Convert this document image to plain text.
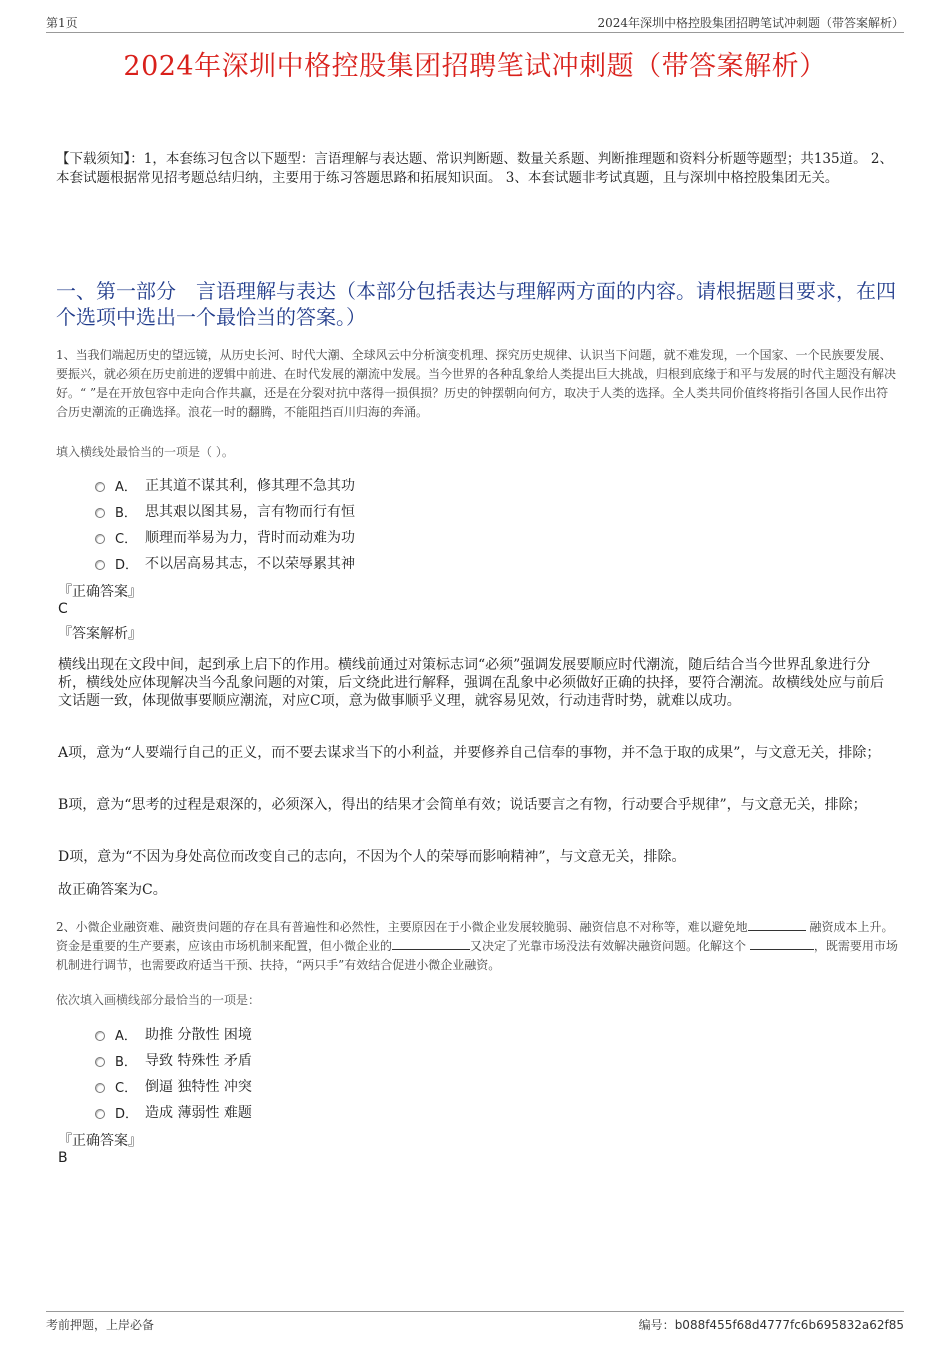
第1页	2024年深圳中格控股集团招聘笔试冲刺题（带答案解析）
2024年深圳中格控股集团招聘笔试冲刺题（带答案解析）
【下载须知】：1，本套练习包含以下题型：言语理解与表达题、常识判断题、数量关系题、判断推理题和资料分析题等题型；共135道。 2、本套试题根据常见招考题总结归纳，主要用于练习答题思路和拓展知识面。 3、本套试题非考试真题，且与深圳中格控股集团无关。
一、第一部分　言语理解与表达（本部分包括表达与理解两方面的内容。请根据题目要求，在四个选项中选出一个最恰当的答案。）
1、当我们端起历史的望远镜，从历史长河、时代大潮、全球风云中分析演变机理、探究历史规律、认识当下问题，就不难发现，一个国家、一个民族要发展、要振兴，就必须在历史前进的逻辑中前进、在时代发展的潮流中发展。当今世界的各种乱象给人类提出巨大挑战，归根到底缘于和平与发展的时代主题没有解决好。“ ”是在开放包容中走向合作共赢，还是在分裂对抗中落得一损俱损？历史的钟摆朝向何方，取决于人类的选择。全人类共同价值终将指引各国人民作出符合历史潮流的正确选择。浪花一时的翻腾，不能阻挡百川归海的奔涌。
填入横线处最恰当的一项是（ ）。
A． 正其道不谋其利，修其理不急其功
B． 思其艰以图其易，言有物而行有恒
C． 顺理而举易为力，背时而动难为功
D． 不以居高易其志，不以荣辱累其神
『正确答案』
C
『答案解析』
横线出现在文段中间，起到承上启下的作用。横线前通过对策标志词“必须”强调发展要顺应时代潮流，随后结合当今世界乱象进行分析，横线处应体现解决当今乱象问题的对策，后文绕此进行解释，强调在乱象中必须做好正确的抉择，要符合潮流。故横线处应与前后文话题一致，体现做事要顺应潮流，对应C项，意为做事顺乎义理，就容易见效，行动违背时势，就难以成功。
A项，意为“人要端行自己的正义，而不要去谋求当下的小利益，并要修养自己信奉的事物，并不急于取的成果”，与文意无关，排除；
B项，意为“思考的过程是艰深的，必须深入，得出的结果才会简单有效；说话要言之有物，行动要合乎规律”，与文意无关，排除；
D项，意为“不因为身处高位而改变自己的志向，不因为个人的荣辱而影响精神”，与文意无关，排除。
故正确答案为C。
2、小微企业融资难、融资贵问题的存在具有普遍性和必然性，主要原因在于小微企业发展较脆弱、融资信息不对称等，难以避免地	融资成本上升。资金是重要的生产要素，应该由市场机制来配置，但小微企业的	又决定了光靠市场没法有效解决融资问题。化解这个	，既需要用市场机制进行调节，也需要政府适当干预、扶持，“两只手”有效结合促进小微企业融资。
依次填入画横线部分最恰当的一项是：
A． 助推 分散性 困境
B． 导致 特殊性 矛盾
C． 倒逼 独特性 冲突
D． 造成 薄弱性 难题
『正确答案』
B
考前押题，上岸必备	编号：b088f455f68d4777fc6b695832a62f85
